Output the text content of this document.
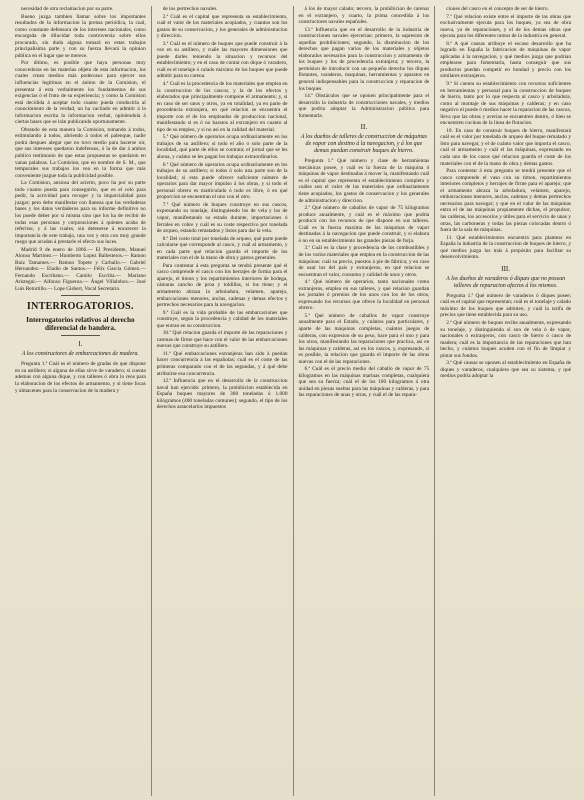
necesidad de otra reclamacion por su parte.

Bueno juzga tambien llamar sobre los importantes resultados de la informacion la prensa periódica, la cual, como constante defensora de los intereses nacionales, como encargada de dilucidar toda controversia sobre ellos procurado, sin duda alguna tomará en estas trabajos principalisima parte y con su fuerza llevará la opinion pública en el lugar que se merece.

Por último, es posible que haya personas muy conocedoras en las materias objeto de esta informacion, los cuales crean medios más poderosos para ejercer sus influencias legítimas en el ánimo de la Comision, el presentar á esta verbalmente los fundamentos de sus exigencias ó el fruto de su experiencia; y como la Comision está decidida á aceptar todo cuanto pueda conducirla al conocimiento de la verdad, un ha vacilado en admitir á la informacion escrita la informacion verbal, opiniendola á ciertas bases que se irán publicando oportunamente.

Obrando de esta manera la Comision, tomando á todos, estimulando á todos, abriendo á todos el palenque, nadie podrá despues alegar que no tuvo medio para hacerse oir, que sus intereses quedaron indefensos, ó la de dar á ambos publico testimonio de que estas propuestas se quedaron en vanas palabras. La Comision, que en nombre de S. M., que temporales sus trabajos los vea en la forma que más conveniente juzgue toda la publicidad posible.

La Comision, ansiosa del acierto, poco ha por su parte todo cuanto pueda para conseguirlo, que es el celo para pedir, la actividad para recoger y la imparcialidad para juzgar; pero debe manifestar con llaneza que las verdaderas bases y los datos verdaderos para su informe definitivo no los puede deber por sí misma sino que los ha de recibir de todas esas personas y corporaciones á quienes acaba de referirse, y á las cuales, sin detenerse á encarecer la importancia de este trabajo, una vez y otra con muy grande ruego que acudan á prestarle el efecto sus luces.

Madrid 9 de enero de 1866.— El Presidente, Manuel Alonso Martinez.— Humberto Lopez Ballesteros.— Ramon Ruiz Tamames.— Ramon Topete y Carballo.— Gabriel Hernandez.— Eladio de Santos.— Félix Garcia Gómez.— Fernando Escribano.— Camilo Escriba.— Mariano Aristegui.— Alfonso Figueroa.— Ángel Villalobos.— José Luis Retortillo.— Lope Gisbert, Vocal Secretario.

INTERROGATORIOS.
Interrogatorios relativos al derecho diferencial de bandera.
I.

A los constructores de embarcaciones de madera.

Pregunta 1.ª Cuál es el número de gradas de que dispone en su astillero; si alguna de ellas sirve de varadero; si cuenta ademas con alguna dique, y con talleres ó obra lo reos para la elaboracion de los efectos de armamento, y si tiene focas y almacenes para la conservacion de la madera y

de los pertrechos navales.

2.ª Cuál es el capital que representa su establecimiento, cuál el valor de los materiales acopiados, y cuantos son los gastos de su conservacion, y los generales de administracion y direccion.

3.ª Cuál es el número de buques que puede construir á la vez en su astillero, y cuále las mayores dimensiones que puede darles teniendo la situacion y recursos del establecimiento; y en el caso de contar con dique ó varadero, cuál es el tonelaje ó calado máximo de los buques que puede admitir para su carena.

4.ª Cuál es la procedencia de los materiales que emplea en la construccion de los cascos, y la de los efectos y elaborados que principalmente compone el armamento; y, si en caso de ser unos y otros, ya en totalidad, ya en parte de procedencia extranjera, en qué relacion se encuentra el importe con el de los empleados de produccion nacional, manifestando si es ó no baratos al extranjero en cuanto al tipo de su empleo, y si no así en la calidad del material.

5.ª Qué número de operarios ocupa ordinariamente en los trabajos de su astillero; si todo el año o solo parte de la localidad, qué parte de ellos se contrata; el jornal que se les abona, y cuánto se les pagan los trabajos extraordinarios.

6.ª Qué número de operarios ocupa ordinariamente en los trabajos de su astillero; si todos ó solo una parte son de la localidad; si esta puede ofrecer suficiente número de operarios para dar mayor impulso á los obras, y si todo el personal obrero es matriculado ó todo es libre, ó en qué proporcion se encuentran el uno con el otro.

7.ª Qué número de buques construye en sus cascos, expresando su tonelaje, distinguiendo los de vela y los de vapor, manifestando su estado durante, importaciones ó ferrales en cobre y cuál es su coste respectivo por tonelada de arqueo, estando rematados y listos para dar la vela.

8.ª Del costo total por tonelada de arqueo, qué parte puede calcularse que corresponde al casco, y cuál al armamento, y en cada parte qué relacion guarda el importe de los materiales con el de la mano de obra y gastos generales.

Para contestar á esta pregunta se tendrá presente qué el casco comprende el casco con los herrajes de forma para el aparejo, el timon y los repartimientos interiores de bodega, cámaras cancho de proa y toldillas, si los tiene; y el armamento abraza la arboladura, velamen, aparejo, embarcaciones menores, anclas, cadenas y demas efectos y pertrechos necesarios para la navegacion.

9.ª Cuál es la vida probable de las embarcaciones que construye, segun la procedencia y calidad de los materiales que entran en su construccion.

10.ª Qué relacion guarda el importe de las reparaciones y carenas de firme que hace con el valor de las embarcaciones nuevas que construye su astillero.

11.ª Qué embarcaciones extranjeras han sido á puedan hacer concurrencia á las españolas; cuál es el coste de las primeras comparado con el de las segundas, y á qué debe atribuirse esa concurrencia.

12.ª Influencia que en el desarrollo de la construccion naval han ejercido: primero, la prohibicion establecida en España buques mayores de 368 toneladas ó 1.000 kilógramos (400 toneladas comunes); segundo, el tipo de los derechos arancelarios impuestos

á los de mayor calado; tercero, la prohibicion de carenar en el extranjero, y cuarto, la prima concedida á los constructores navales españoles.

13.ª Influencia que en el desarrollo de la industria de construcciones navales ejercerian: primero, la supresion de aquellas prohibiciones; segundo, la disminucion de los derechos que pagan varios de los materiales y objetos elaborados necesarios para la construccion y armamento de los buques y los de procedencia extranjera; y tercero, la permision de introducir con un pequeño derecho los diques flotantes, varaderos, maquinas, herramientas y aparatos en general indispensables para la construccion y reparacion de los buques.

14.ª Obstáculos que se oponen principalmente para el desarrollo la industria de construcciones navales, y medios que podria adoptar la Administracion pública para fomentarla.

II.

A los dueños de talleres de construccion de máquinas de vapor con destino á la navegacion, y á los que demas puedan construir buques de hierro.

Pregunta 1.ª Qué número y clase de herramientas mecánicas posee, y cuál es la fuerza de la máquina ó máquinas de vapor destinadas á mover la, manifestando cuál es el capital que representa el establecimiento completo y cuáles son el valor de las materiales que ordinariamente tiene acopiados, los gastos de conservacion y los generales de administracion y direccion.

2.ª Qué número de caballos de vapor de 75 kilogramos produce anualmente, y cuál es el máximo que podria producir con los recursos de que dispone en sus talleres. Cuál es la fuerza maxima de las máquinas de vapor destinadas á la navegacion que puede construir, y si elabora ó no en su establecimiento las grandes piezas de forja.

3.ª Cuál es la clase y procedencia de los combustibles y de los varios materiales que emplea en la construccion de las máquinas: cuál su precio, puestos á pie de fábrica; y en caso de usar los del país y extranjeros, en qué relacion se encuentran el valor, consumo y calidad de unos y otros.

4.ª Qué número de operarios, tanto nacionales como extranjeros, emplea en sus talleres, y qué relacion guardan los jornales ó premios de los unos con los de los otros, expresando los recursos que ofrece la localidad en personal obrero.

5.ª Qué número de caballos de vapor construye anualmente para el Estado, y cuántos para particulares, y aparte de las máquinas completas, cuántos juegos de calderas, con expresion de su peso, hace para el uno y para los otros, manifestando las reparaciones que practica, así en las máquinas y calderas, así en los cascos, y, expresando, si es posible, la relacion que guarda el importe de las obras nuevas con el de las reparaciones.

6.ª Cuál es el precio medio del caballo de vapor de 75 kilogramos en las máquinas marinas completas, cualquiera que sea su fuerza; cuál el de los 100 kilogramos ó otra unidad en piezas sueltas para las máquinas y calderas, y para las reparaciones de unas y otras, y cuál el de las repara-

ciones del casco en el concepto de ser de hierro.

7.ª Qué relacion existe entre el importe de las obras que exclusivamente ejecuta para los buques, ya sea de obra nueva, ya de reparaciones, y el de los demas obras que ejecuta para los diferentes ramos de la industria en general.

8.ª A qué causas atribuye el escaso desarrollo que ha logrado en España la fabricacion de máquinas de vapor aplicadas á la navegacion, y qué medios juzga que podrian emplearse para fomentarla, hasta conseguir que sus productos puedan competir en bondad y precio con los similares extranjeros.

9.ª Si cuenta su establecimiento con recursos suficientes en herramientas y personal para la construccion de buques de hierro, tanto por lo que respecta al casco y arboladura, como al montaje de sus máquinas y calderas; y en caso negativo el puede ó medios hacer la reparacion de las cascos, lleva que las obras y averías se encuentren dentro, ó bien se encuentren cucinas de la linea de flotacion.

10. En caso de construir buques de hierro, manifestará cuál es el valor por tonelada de arqueo del buque rematado y listo para navegar, y el de cuánto valor que importa el casco, cuál el armamento y cuál el las máquinas, expresando en cada uno de los casos qué relacion guarda el coste de los materiales con el de la mano de obra y demas gastos.

Para contestar á esta pregunta se tendrá presente que el casco comprende el vaso con su timon, repartimientos interiores completos y herrajes de firme para el aparejo; que el armamento abraza la arboladura, velamen, aparejo, embarcaciones menores, anclas, cadenas y demas pertrechos necesarios para navegar; y que en el valor de las máquinas entra el de las máquinas propiamente dichas, el propulsor, las calderas, los accesorios y útiles para el servicio de unas y otras, las carboneras y todas las piezas colocadas dentro ó fuera de la sala de máquinas.

11. Qué establecimientos encuentra para plantear en España la industria de la construccion de buques de hierro, y qué medios juzga los más á propósito para facilitar su desenvolvimiento.

III.

A los dueños de varaderos ó diques que no posean talleres de reparacion afectos á los mismos.

Pregunta 1.ª Qué número de varaderos ó diques posee; cuál es el capital que representan; cuál es el tonelaje y calado máximo de los buques que admiten, y cuál la tarifa de precios que tiene establecida para su uso.

2.ª Qué número de buques recibe anualmente, expresando su tonelaje, y distinguiendo si son de vela ó de vapor, nacionales ó extranjeros, con casco de hierro ó casco de madera; cuál es la importancia de las reparaciones que han hecho, y cuántos buques acuden con el fin de limpiar y pintar sus fondos.

3.ª Qué causas se oponen al establecimiento en España de diques y varaderos, cualquiera que sea su sistema, y qué medios podria adoptar la
